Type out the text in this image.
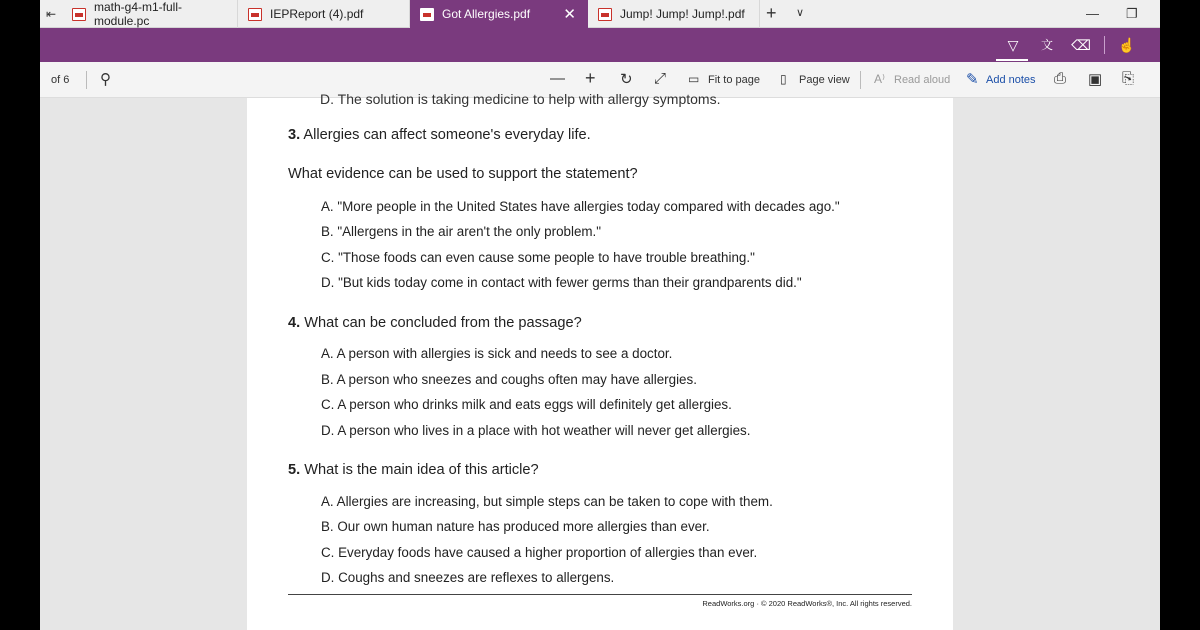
⇤	math-g4-m1-full-module.pc	IEPReport (4).pdf	Got Allergies.pdf ✕	Jump! Jump! Jump!.pdf + ∨	— ❐
▽	文	⌫ ☝
of 6 ⚲	— + ↻ ⤢ ▭ Fit to page ▯ Page view A⁾ Read aloud ✎ Add notes ⎙ ▣ ⎘
D. The solution is taking medicine to help with allergy symptoms.
3. Allergies can affect someone's everyday life.
What evidence can be used to support the statement?
A. "More people in the United States have allergies today compared with decades ago."
B. "Allergens in the air aren't the only problem."
C. "Those foods can even cause some people to have trouble breathing."
D. "But kids today come in contact with fewer germs than their grandparents did."
4. What can be concluded from the passage?
A. A person with allergies is sick and needs to see a doctor.
B. A person who sneezes and coughs often may have allergies.
C. A person who drinks milk and eats eggs will definitely get allergies.
D. A person who lives in a place with hot weather will never get allergies.
5. What is the main idea of this article?
A. Allergies are increasing, but simple steps can be taken to cope with them.
B. Our own human nature has produced more allergies than ever.
C. Everyday foods have caused a higher proportion of allergies than ever.
D. Coughs and sneezes are reflexes to allergens.
ReadWorks.org · © 2020 ReadWorks®, Inc. All rights reserved.
